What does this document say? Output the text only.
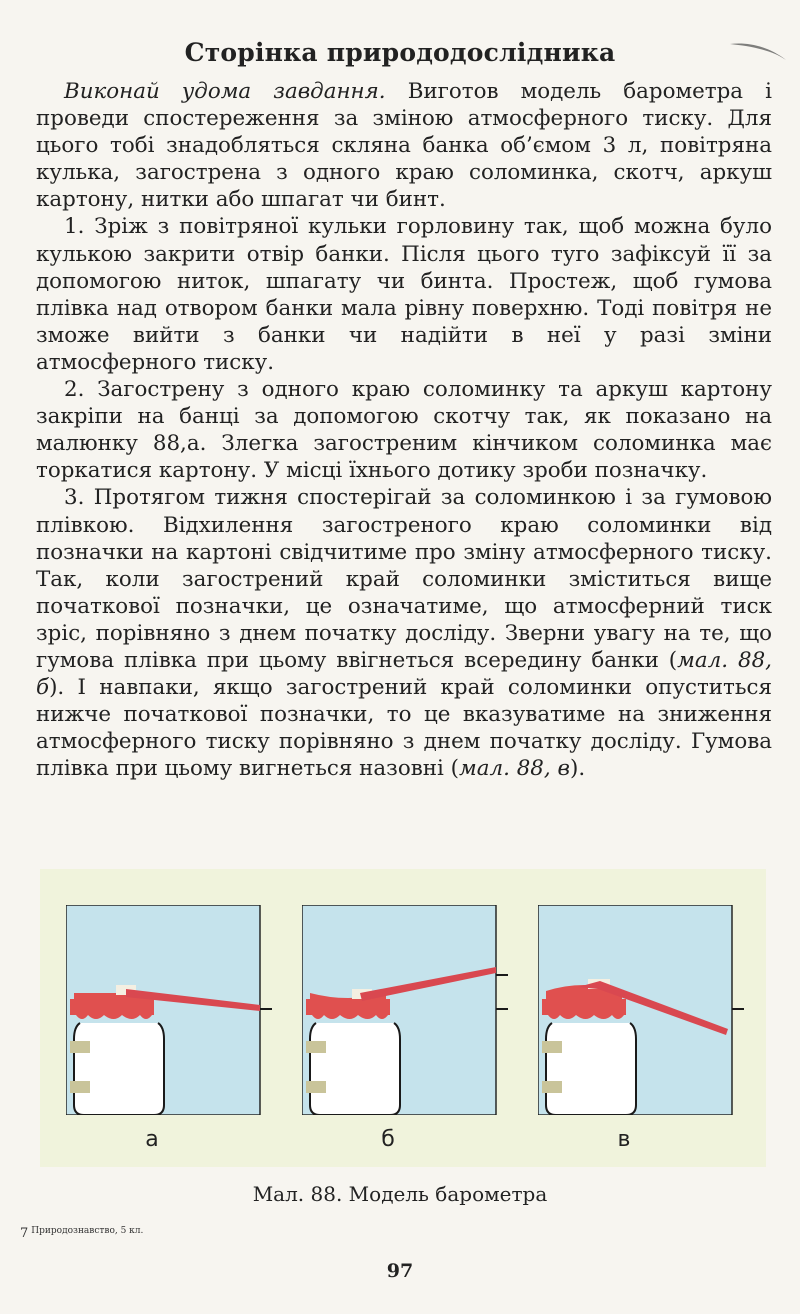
Сторінка природодослідника

Виконай удома завдання. Виготов модель барометра і проведи спостереження за зміною атмосферного тиску. Для цього тобі знадобляться скляна банка об’ємом 3 л, повітряна кулька, загострена з одного краю соломинка, скотч, аркуш картону, нитки або шпагат чи бинт.

1. Зріж з повітряної кульки горловину так, щоб можна було кулькою закрити отвір банки. Після цього туго зафіксуй її за допомогою ниток, шпагату чи бинта. Простеж, щоб гумова плівка над отвором банки мала рівну поверхню. Тоді повітря не зможе вийти з банки чи надійти в неї у разі зміни атмосферного тиску.

2. Загострену з одного краю соломинку та аркуш картону закріпи на банці за допомогою скотчу так, як показано на малюнку 88,а. Злегка загостреним кінчиком соломинка має торкатися картону. У місці їхнього дотику зроби позначку.

3. Протягом тижня спостерігай за соломинкою і за гумовою плівкою. Відхилення загостреного краю соломинки від позначки на картоні свідчитиме про зміну атмосферного тиску. Так, коли загострений край соломинки зміститься вище початкової позначки, це означатиме, що атмосферний тиск зріс, порівняно з днем початку досліду. Зверни увагу на те, що гумова плівка при цьому ввігнеться всередину банки (мал. 88, б). І навпаки, якщо загострений край соломинки опуститься нижче початкової позначки, то це вказуватиме на зниження атмосферного тиску порівняно з днем початку досліду. Гумова плівка при цьому вигнеться назовні (мал. 88, в).

а	б	в
Мал. 88. Модель барометра
7 Природознавство, 5 кл.
97
